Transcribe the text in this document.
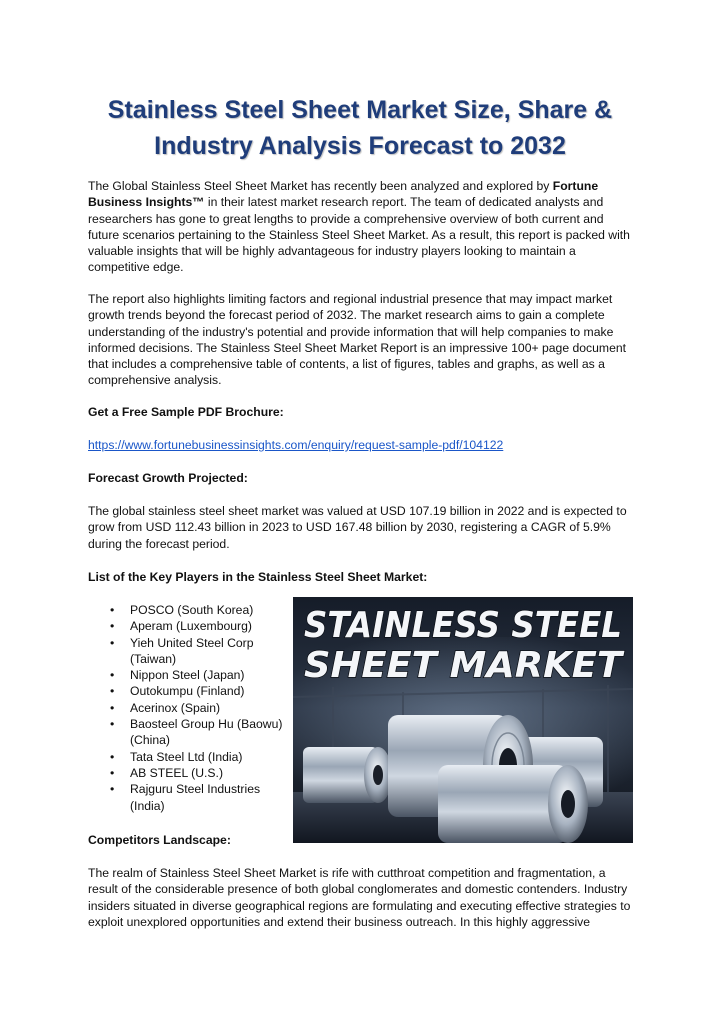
Stainless Steel Sheet Market Size, Share &
Industry Analysis Forecast to 2032

The Global Stainless Steel Sheet Market has recently been analyzed and explored by Fortune Business Insights™ in their latest market research report. The team of dedicated analysts and researchers has gone to great lengths to provide a comprehensive overview of both current and future scenarios pertaining to the Stainless Steel Sheet Market. As a result, this report is packed with valuable insights that will be highly advantageous for industry players looking to maintain a competitive edge.

The report also highlights limiting factors and regional industrial presence that may impact market growth trends beyond the forecast period of 2032. The market research aims to gain a complete understanding of the industry's potential and provide information that will help companies to make informed decisions. The Stainless Steel Sheet Market Report is an impressive 100+ page document that includes a comprehensive table of contents, a list of figures, tables and graphs, as well as a comprehensive analysis.

Get a Free Sample PDF Brochure:

https://www.fortunebusinessinsights.com/enquiry/request-sample-pdf/104122

Forecast Growth Projected:

The global stainless steel sheet market was valued at USD 107.19 billion in 2022 and is expected to grow from USD 112.43 billion in 2023 to USD 167.48 billion by 2030, registering a CAGR of 5.9% during the forecast period.

List of the Key Players in the Stainless Steel Sheet Market:

• POSCO (South Korea)
• Aperam (Luxembourg)
• Yieh United Steel Corp (Taiwan)
• Nippon Steel (Japan)
• Outokumpu (Finland)
• Acerinox (Spain)
• Baosteel Group Hu (Baowu) (China)
• Tata Steel Ltd (India)
• AB STEEL (U.S.)
• Rajguru Steel Industries (India)
STAINLESS STEEL
SHEET MARKET

Competitors Landscape:

The realm of Stainless Steel Sheet Market is rife with cutthroat competition and fragmentation, a result of the considerable presence of both global conglomerates and domestic contenders. Industry insiders situated in diverse geographical regions are formulating and executing effective strategies to exploit unexplored opportunities and extend their business outreach. In this highly aggressive
